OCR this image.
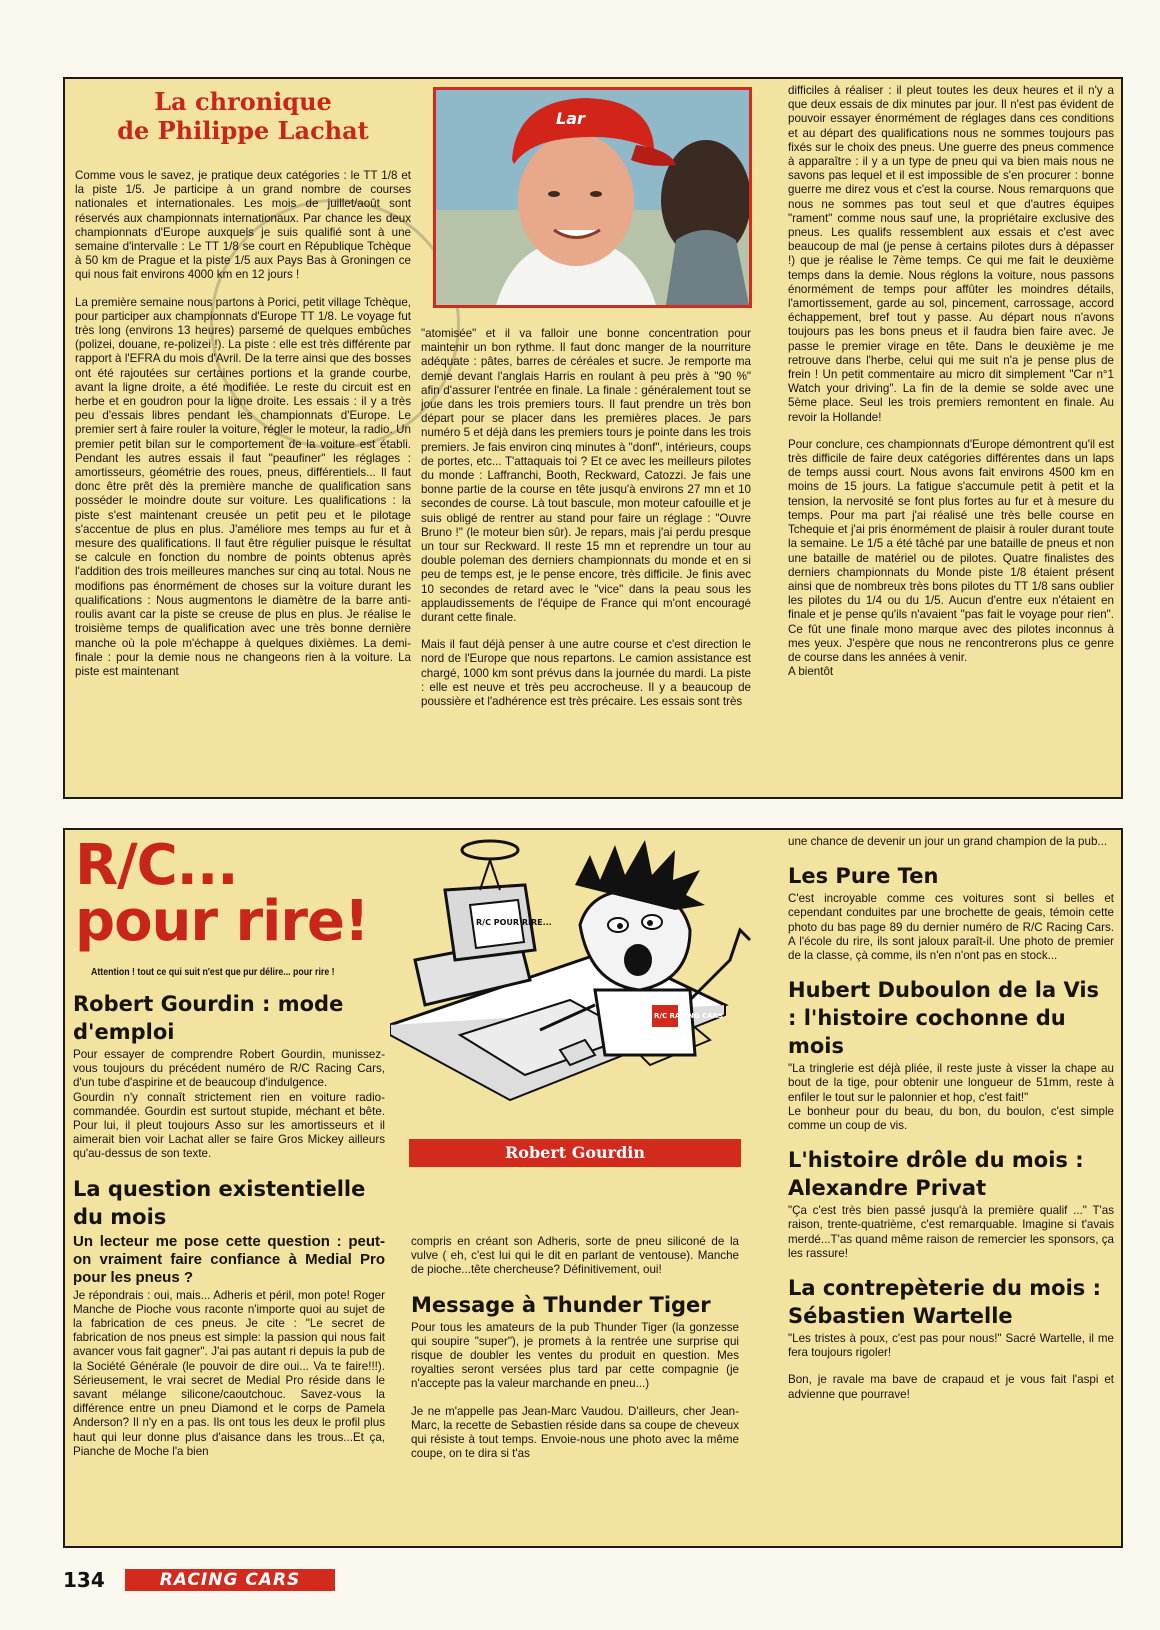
La chronique
de Philippe Lachat

Comme vous le savez, je pratique deux catégories : le TT 1/8 et la piste 1/5. Je participe à un grand nombre de courses nationales et internationales. Les mois de juillet/août sont réservés aux championnats internationaux. Par chance les deux championnats d'Europe auxquels je suis qualifié sont à une semaine d'intervalle : Le TT 1/8 se court en République Tchèque à 50 km de Prague et la piste 1/5 aux Pays Bas à Groningen ce qui nous fait environs 4000 km en 12 jours !

La première semaine nous partons à Porici, petit village Tchèque, pour participer aux championnats d'Europe TT 1/8. Le voyage fut très long (environs 13 heures) parsemé de quelques embûches (polizei, douane, re-polizei !). La piste : elle est très différente par rapport à l'EFRA du mois d'Avril. De la terre ainsi que des bosses ont été rajoutées sur certaines portions et la grande courbe, avant la ligne droite, a été modifiée. Le reste du circuit est en herbe et en goudron pour la ligne droite. Les essais : il y a très peu d'essais libres pendant les championnats d'Europe. Le premier sert à faire rouler la voiture, régler le moteur, la radio. Un premier petit bilan sur le comportement de la voiture est établi. Pendant les autres essais il faut "peaufiner" les réglages : amortisseurs, géométrie des roues, pneus, différentiels... Il faut donc être prêt dès la première manche de qualification sans posséder le moindre doute sur voiture. Les qualifications : la piste s'est maintenant creusée un petit peu et le pilotage s'accentue de plus en plus. J'améliore mes temps au fur et à mesure des qualifications. Il faut être régulier puisque le résultat se calcule en fonction du nombre de points obtenus après l'addition des trois meilleures manches sur cinq au total. Nous ne modifions pas énormément de choses sur la voiture durant les qualifications : Nous augmentons le diamètre de la barre anti-roulis avant car la piste se creuse de plus en plus. Je réalise le troisième temps de qualification avec une très bonne dernière manche où la pole m'échappe à quelques dixièmes. La demi-finale : pour la demie nous ne changeons rien à la voiture. La piste est maintenant

Lar

"atomisée" et il va falloir une bonne concentration pour maintenir un bon rythme. Il faut donc manger de la nourriture adéquate : pâtes, barres de céréales et sucre. Je remporte ma demie devant l'anglais Harris en roulant à peu près à "90 %" afin d'assurer l'entrée en finale. La finale : généralement tout se joue dans les trois premiers tours. Il faut prendre un très bon départ pour se placer dans les premières places. Je pars numéro 5 et déjà dans les premiers tours je pointe dans les trois premiers. Je fais environ cinq minutes à "donf", intérieurs, coups de portes, etc... T'attaquais toi ? Et ce avec les meilleurs pilotes du monde : Laffranchi, Booth, Reckward, Catozzi. Je fais une bonne partie de la course en tête jusqu'à environs 27 mn et 10 secondes de course. Là tout bascule, mon moteur cafouille et je suis obligé de rentrer au stand pour faire un réglage : "Ouvre Bruno !" (le moteur bien sûr). Je repars, mais j'ai perdu presque un tour sur Reckward. Il reste 15 mn et reprendre un tour au double poleman des derniers championnats du monde et en si peu de temps est, je le pense encore, très difficile. Je finis avec 10 secondes de retard avec le "vice" dans la peau sous les applaudissements de l'équipe de France qui m'ont encouragé durant cette finale.

Mais il faut déjà penser à une autre course et c'est direction le nord de l'Europe que nous repartons. Le camion assistance est chargé, 1000 km sont prévus dans la journée du mardi. La piste : elle est neuve et très peu accrocheuse. Il y a beaucoup de poussière et l'adhérence est très précaire. Les essais sont très

difficiles à réaliser : il pleut toutes les deux heures et il n'y a que deux essais de dix minutes par jour. Il n'est pas évident de pouvoir essayer énormément de réglages dans ces conditions et au départ des qualifications nous ne sommes toujours pas fixés sur le choix des pneus. Une guerre des pneus commence à apparaître : il y a un type de pneu qui va bien mais nous ne savons pas lequel et il est impossible de s'en procurer : bonne guerre me direz vous et c'est la course. Nous remarquons que nous ne sommes pas tout seul et que d'autres équipes "rament" comme nous sauf une, la propriétaire exclusive des pneus. Les qualifs ressemblent aux essais et c'est avec beaucoup de mal (je pense à certains pilotes durs à dépasser !) que je réalise le 7ème temps. Ce qui me fait le deuxième temps dans la demie. Nous réglons la voiture, nous passons énormément de temps pour affûter les moindres détails, l'amortissement, garde au sol, pincement, carrossage, accord échappement, bref tout y passe. Au départ nous n'avons toujours pas les bons pneus et il faudra bien faire avec. Je passe le premier virage en tête. Dans le deuxième je me retrouve dans l'herbe, celui qui me suit n'a je pense plus de frein ! Un petit commentaire au micro dit simplement "Car n°1 Watch your driving". La fin de la demie se solde avec une 5ème place. Seul les trois premiers remontent en finale. Au revoir la Hollande!

Pour conclure, ces championnats d'Europe démontrent qu'il est très difficile de faire deux catégories différentes dans un laps de temps aussi court. Nous avons fait environs 4500 km en moins de 15 jours. La fatigue s'accumule petit à petit et la tension, la nervosité se font plus fortes au fur et à mesure du temps. Pour ma part j'ai réalisé une très belle course en Tchequie et j'ai pris énormément de plaisir à rouler durant toute la semaine. Le 1/5 a été tâché par une bataille de pneus et non une bataille de matériel ou de pilotes. Quatre finalistes des derniers championnats du Monde piste 1/8 étaient présent ainsi que de nombreux très bons pilotes du TT 1/8 sans oublier les pilotes du 1/4 ou du 1/5. Aucun d'entre eux n'étaient en finale et je pense qu'ils n'avaient "pas fait le voyage pour rien". Ce fût une finale mono marque avec des pilotes inconnus à mes yeux. J'espère que nous ne rencontrerons plus ce genre de course dans les années à venir.

A bientôt

R/C...
pour rire!
Attention ! tout ce qui suit n'est que pur délire... pour rire !
R/C POUR RIRE...
R/C RACING CARS
Robert Gourdin
Robert Gourdin : mode d'emploi

Pour essayer de comprendre Robert Gourdin, munissez-vous toujours du précédent numéro de R/C Racing Cars, d'un tube d'aspirine et de beaucoup d'indulgence.

Gourdin n'y connaît strictement rien en voiture radio-commandée. Gourdin est surtout stupide, méchant et bête. Pour lui, il pleut toujours Asso sur les amortisseurs et il aimerait bien voir Lachat aller se faire Gros Mickey ailleurs qu'au-dessus de son texte.

La question existentielle du mois
Un lecteur me pose cette question : peut-on vraiment faire confiance à Medial Pro pour les pneus ?

Je répondrais : oui, mais... Adheris et péril, mon pote! Roger Manche de Pioche vous raconte n'importe quoi au sujet de la fabrication de ces pneus. Je cite : "Le secret de fabrication de nos pneus est simple: la passion qui nous fait avancer vous fait gagner". J'ai pas autant ri depuis la pub de la Société Générale (le pouvoir de dire oui... Va te faire!!!). Sérieusement, le vrai secret de Medial Pro réside dans le savant mélange silicone/caoutchouc. Savez-vous la différence entre un pneu Diamond et le corps de Pamela Anderson? Il n'y en a pas. Ils ont tous les deux le profil plus haut qui leur donne plus d'aisance dans les trous...Et ça, Pianche de Moche l'a bien

compris en créant son Adheris, sorte de pneu siliconé de la vulve ( eh, c'est lui qui le dit en parlant de ventouse). Manche de pioche...tête chercheuse? Définitivement, oui!

Message à Thunder Tiger

Pour tous les amateurs de la pub Thunder Tiger (la gonzesse qui soupire "super"), je promets à la rentrée une surprise qui risque de doubler les ventes du produit en question. Mes royalties seront versées plus tard par cette compagnie (je n'accepte pas la valeur marchande en pneu...)

Je ne m'appelle pas Jean-Marc Vaudou. D'ailleurs, cher Jean-Marc, la recette de Sebastien réside dans sa coupe de cheveux qui résiste à tout temps. Envoie-nous une photo avec la même coupe, on te dira si t'as

une chance de devenir un jour un grand champion de la pub...

Les Pure Ten

C'est incroyable comme ces voitures sont si belles et cependant conduites par une brochette de geais, témoin cette photo du bas page 89 du dernier numéro de R/C Racing Cars. A l'école du rire, ils sont jaloux paraît-il. Une photo de premier de la classe, çà comme, ils n'en n'ont pas en stock...

Hubert Duboulon de la Vis : l'histoire cochonne du mois

"La tringlerie est déjà pliée, il reste juste à visser la chape au bout de la tige, pour obtenir une longueur de 51mm, reste à enfiler le tout sur le palonnier et hop, c'est fait!"

Le bonheur pour du beau, du bon, du boulon, c'est simple comme un coup de vis.

L'histoire drôle du mois : Alexandre Privat

"Ça c'est très bien passé jusqu'à la première qualif ..." T'as raison, trente-quatrième, c'est remarquable. Imagine si t'avais merdé...T'as quand même raison de remercier les sponsors, ça les rassure!

La contrepèterie du mois : Sébastien Wartelle

"Les tristes à poux, c'est pas pour nous!" Sacré Wartelle, il me fera toujours rigoler!

Bon, je ravale ma bave de crapaud et je vous fait l'aspi et advienne que pourrave!

134	RACING CARS
